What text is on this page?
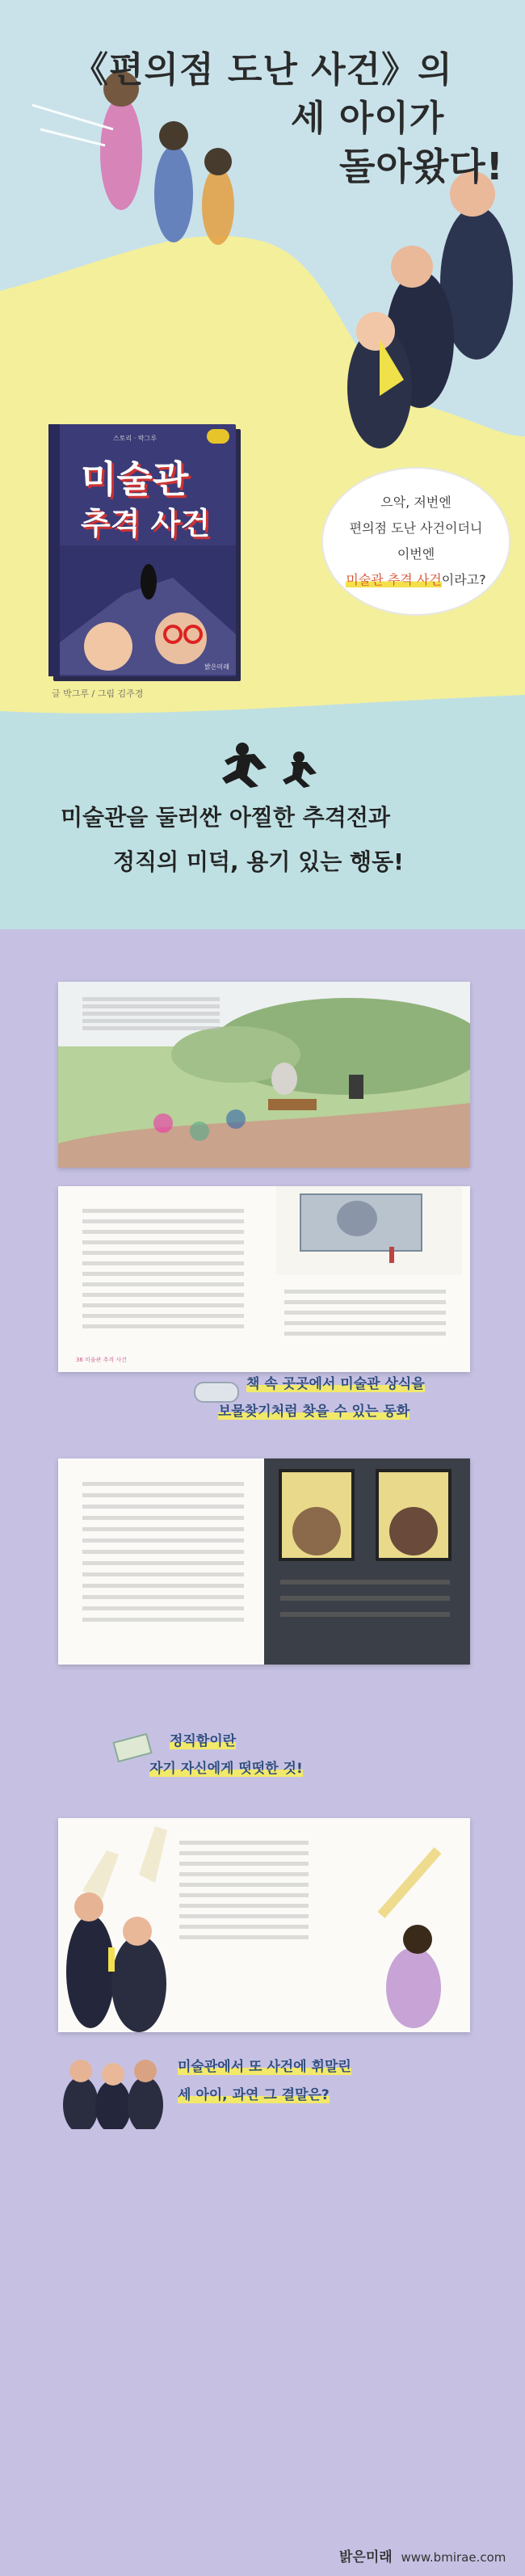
《편의점 도난 사건》의
세 아이가
돌아왔다!
스토리 · 박그루
미술관
추격 사건
밝은미래
으악, 저번엔
편의점 도난 사건이더니
이번엔
미술관 추격 사건이라고?
글 박그루 / 그림 김주경
미술관을 둘러싼 아찔한 추격전과
정직의 미덕, 용기 있는 행동!
36 미술관 추격 사건
책 속 곳곳에서 미술관 상식을
보물찾기처럼 찾을 수 있는 동화
정직함이란
자기 자신에게 떳떳한 것!
미술관에서 또 사건에 휘말린
세 아이, 과연 그 결말은?
밝은미래 www.bmirae.com
